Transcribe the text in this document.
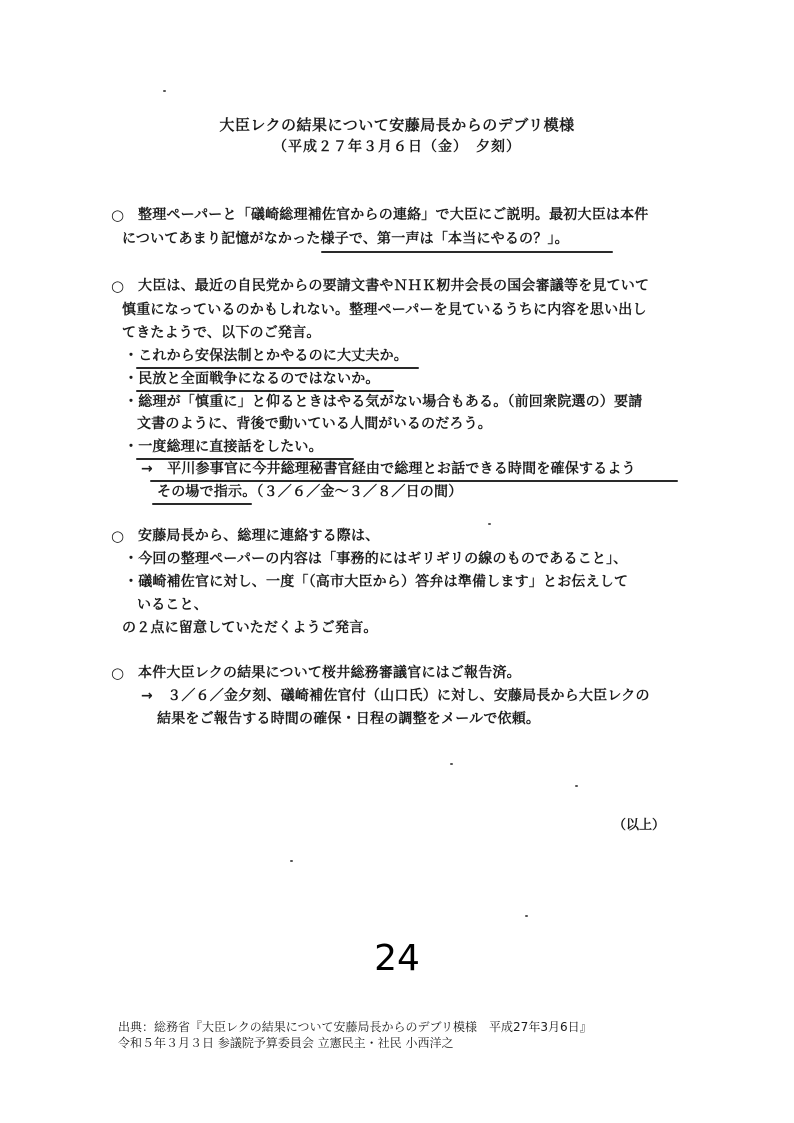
大臣レクの結果について安藤局長からのデブリ模様
（平成２７年３月６日（金）　夕刻）
○ 整理ペーパーと「礒崎総理補佐官からの連絡」で大臣にご説明。最初大臣は本件
についてあまり記憶がなかった様子で、第一声は「本当にやるの？」。
○ 大臣は、最近の自民党からの要請文書やＮＨＫ籾井会長の国会審議等を見ていて
慎重になっているのかもしれない。整理ペーパーを見ているうちに内容を思い出し
てきたようで、以下のご発言。
・これから安保法制とかやるのに大丈夫か。
・民放と全面戦争になるのではないか。
・総理が「慎重に」と仰るときはやる気がない場合もある。（前回衆院選の）要請
文書のように、背後で動いている人間がいるのだろう。
・一度総理に直接話をしたい。
→　平川参事官に今井総理秘書官経由で総理とお話できる時間を確保するよう
その場で指示。（３／６／金～３／８／日の間）
○ 安藤局長から、総理に連絡する際は、
・今回の整理ペーパーの内容は「事務的にはギリギリの線のものであること」、
・礒崎補佐官に対し、一度「（高市大臣から）答弁は準備します」とお伝えして
いること、
の２点に留意していただくようご発言。
○ 本件大臣レクの結果について桜井総務審議官にはご報告済。
→　３／６／金夕刻、礒崎補佐官付（山口氏）に対し、安藤局長から大臣レクの
結果をご報告する時間の確保・日程の調整をメールで依頼。
（以上）
24
出典：総務省『大臣レクの結果について安藤局長からのデブリ模様　平成27年3月6日』
令和５年３月３日 参議院予算委員会 立憲民主・社民 小西洋之
